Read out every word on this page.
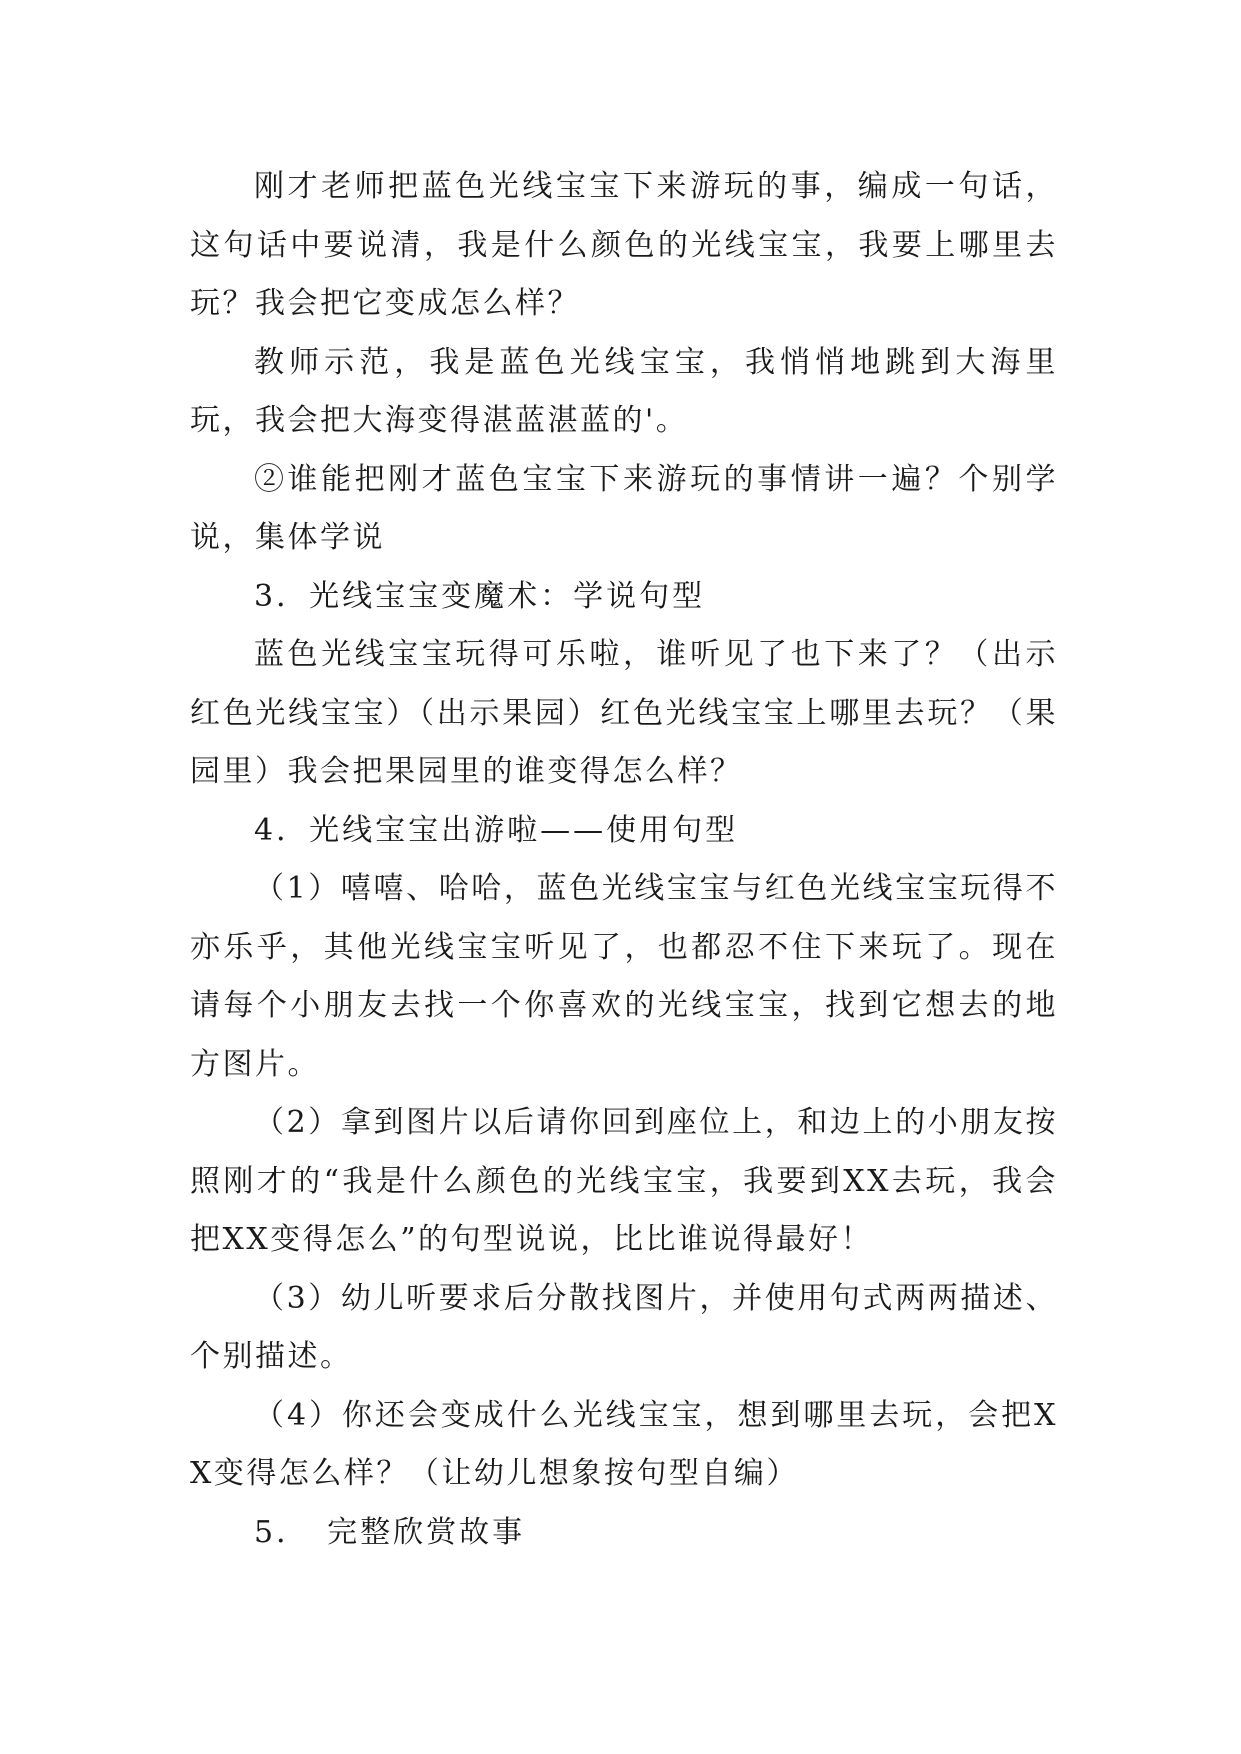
刚才老师把蓝色光线宝宝下来游玩的事，编成一句话，这句话中要说清，我是什么颜色的光线宝宝，我要上哪里去玩？我会把它变成怎么样？

教师示范，我是蓝色光线宝宝，我悄悄地跳到大海里玩，我会把大海变得湛蓝湛蓝的'。

②谁能把刚才蓝色宝宝下来游玩的事情讲一遍？个别学说，集体学说

3．光线宝宝变魔术：学说句型

蓝色光线宝宝玩得可乐啦，谁听见了也下来了？（出示红色光线宝宝）（出示果园）红色光线宝宝上哪里去玩？（果园里）我会把果园里的谁变得怎么样？

4．光线宝宝出游啦——使用句型

（1）嘻嘻、哈哈，蓝色光线宝宝与红色光线宝宝玩得不亦乐乎，其他光线宝宝听见了，也都忍不住下来玩了。现在请每个小朋友去找一个你喜欢的光线宝宝，找到它想去的地方图片。

（2）拿到图片以后请你回到座位上，和边上的小朋友按照刚才的“我是什么颜色的光线宝宝，我要到XX去玩，我会把XX变得怎么”的句型说说，比比谁说得最好！

（3）幼儿听要求后分散找图片，并使用句式两两描述、个别描述。

（4）你还会变成什么光线宝宝，想到哪里去玩，会把XX变得怎么样？（让幼儿想象按句型自编）

5．　完整欣赏故事
